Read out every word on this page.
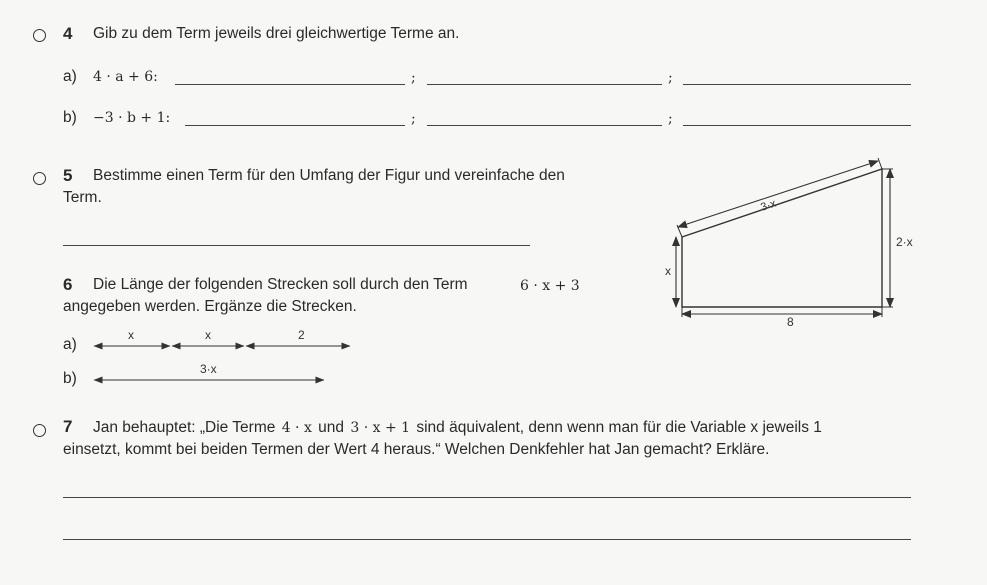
4 Gib zu dem Term jeweils drei gleichwertige Terme an.
a) 4 · a + 6:	;	;
b) −3 · b + 1:	;	;
5 Bestimme einen Term für den Umfang der Figur und vereinfache den
Term.	3·x
2·x
x
8
6 Die Länge der folgenden Strecken soll durch den Term	6 · x + 3
angegeben werden. Ergänze die Strecken.
a)
x	x	2
b)
3·x
7 Jan behauptet: „Die Terme 4 · x und 3 · x + 1 sind äquivalent, denn wenn man für die Variable x jeweils 1
einsetzt, kommt bei beiden Termen der Wert 4 heraus.“ Welchen Denkfehler hat Jan gemacht? Erkläre.
